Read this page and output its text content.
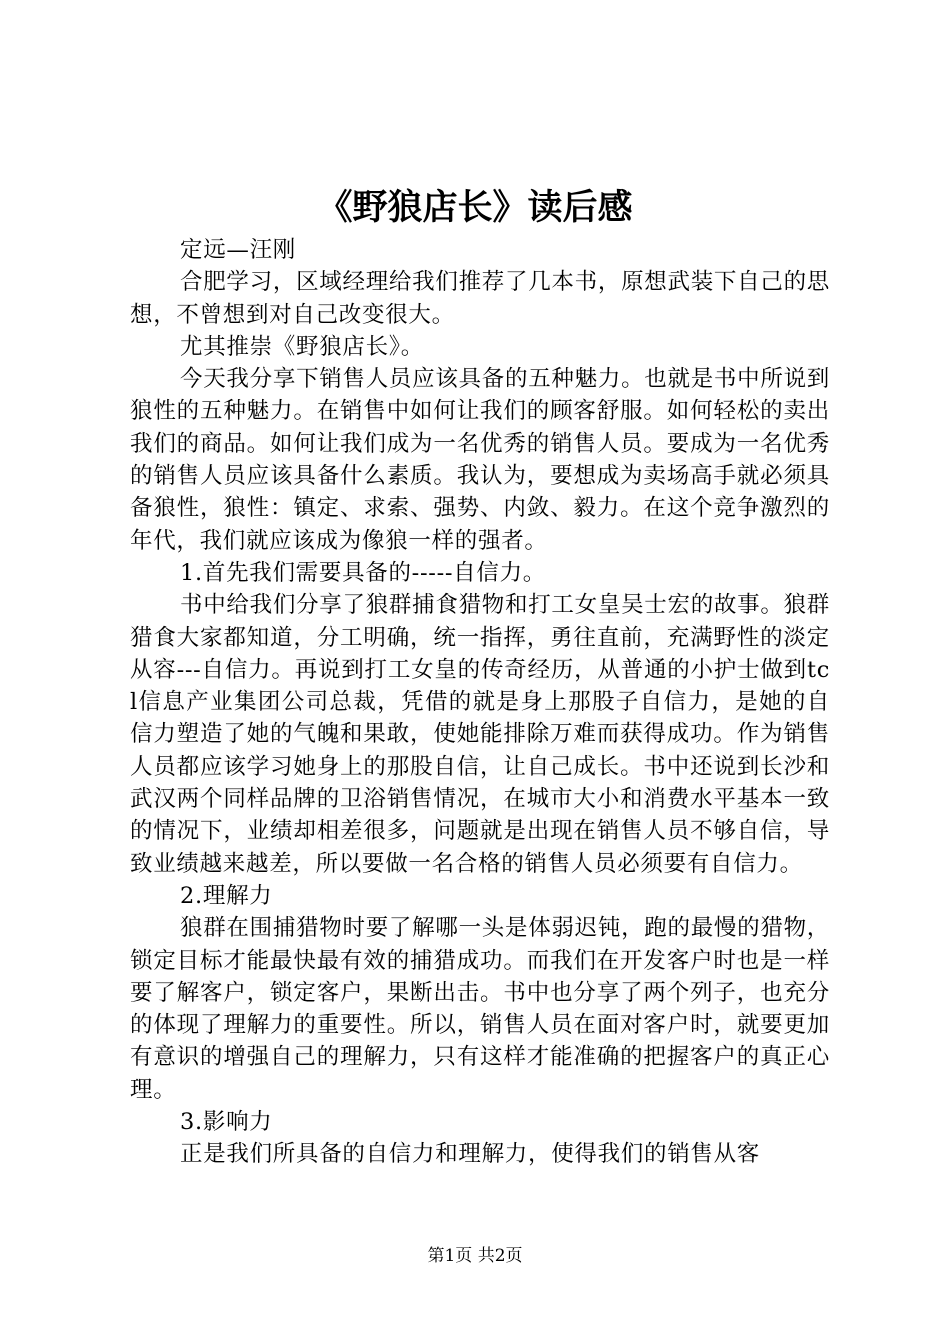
《野狼店长》读后感

定远—汪刚

合肥学习，区域经理给我们推荐了几本书，原想武装下自己的思想，不曾想到对自己改变很大。

尤其推崇《野狼店长》。

今天我分享下销售人员应该具备的五种魅力。也就是书中所说到狼性的五种魅力。在销售中如何让我们的顾客舒服。如何轻松的卖出我们的商品。如何让我们成为一名优秀的销售人员。要成为一名优秀的销售人员应该具备什么素质。我认为，要想成为卖场高手就必须具备狼性，狼性：镇定、求索、强势、内敛、毅力。在这个竞争激烈的年代，我们就应该成为像狼一样的强者。

1.首先我们需要具备的-----自信力。

书中给我们分享了狼群捕食猎物和打工女皇吴士宏的故事。狼群猎食大家都知道，分工明确，统一指挥，勇往直前，充满野性的淡定从容---自信力。再说到打工女皇的传奇经历，从普通的小护士做到tcl信息产业集团公司总裁，凭借的就是身上那股子自信力，是她的自信力塑造了她的气魄和果敢，使她能排除万难而获得成功。作为销售人员都应该学习她身上的那股自信，让自己成长。书中还说到长沙和武汉两个同样品牌的卫浴销售情况，在城市大小和消费水平基本一致的情况下，业绩却相差很多，问题就是出现在销售人员不够自信，导致业绩越来越差，所以要做一名合格的销售人员必须要有自信力。

2.理解力

狼群在围捕猎物时要了解哪一头是体弱迟钝，跑的最慢的猎物，锁定目标才能最快最有效的捕猎成功。而我们在开发客户时也是一样要了解客户，锁定客户，果断出击。书中也分享了两个列子，也充分的体现了理解力的重要性。所以，销售人员在面对客户时，就要更加有意识的增强自己的理解力，只有这样才能准确的把握客户的真正心理。

3.影响力

正是我们所具备的自信力和理解力，使得我们的销售从客

第1页 共2页
